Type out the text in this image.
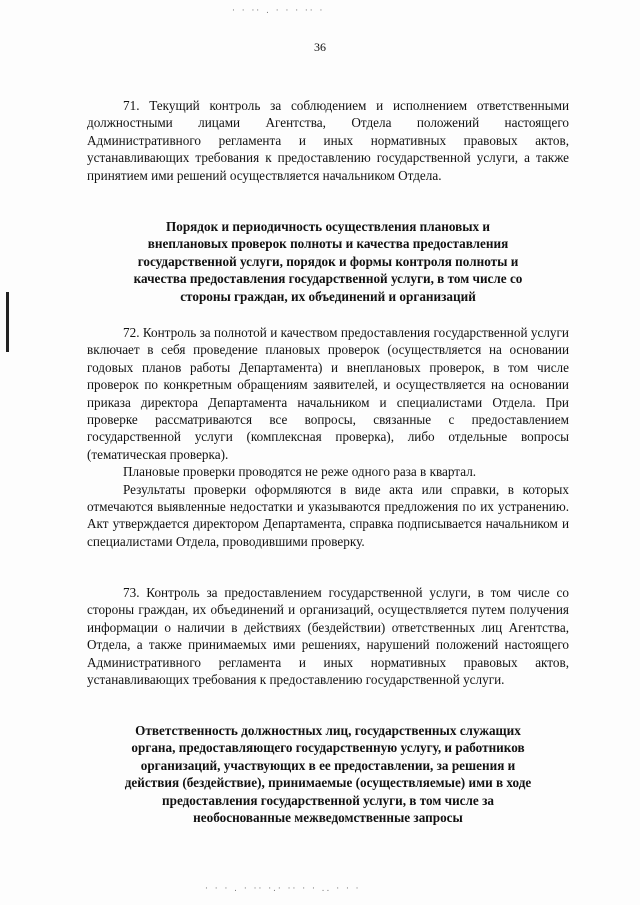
· · ·· . · · · ·· ·
36

71. Текущий контроль за соблюдением и исполнением ответственными должностными лицами Агентства, Отдела положений настоящего Административного регламента и иных нормативных правовых актов, устанавливающих требования к предоставлению государственной услуги, а также принятием ими решений осуществляется начальником Отдела.

Порядок и периодичность осуществления плановых и
внеплановых проверок полноты и качества предоставления
государственной услуги, порядок и формы контроля полноты и
качества предоставления государственной услуги, в том числе со
стороны граждан, их объединений и организаций

72. Контроль за полнотой и качеством предоставления государственной услуги включает в себя проведение плановых проверок (осуществляется на основании годовых планов работы Департамента) и внеплановых проверок, в том числе проверок по конкретным обращениям заявителей, и осуществляется на основании приказа директора Департамента начальником и специалистами Отдела. При проверке рассматриваются все вопросы, связанные с предоставлением государственной услуги (комплексная проверка), либо отдельные вопросы (тематическая проверка).

Плановые проверки проводятся не реже одного раза в квартал.

Результаты проверки оформляются в виде акта или справки, в которых отмечаются выявленные недостатки и указываются предложения по их устранению. Акт утверждается директором Департамента, справка подписывается начальником и специалистами Отдела, проводившими проверку.

73. Контроль за предоставлением государственной услуги, в том числе со стороны граждан, их объединений и организаций, осуществляется путем получения информации о наличии в действиях (бездействии) ответственных лиц Агентства, Отдела, а также принимаемых ими решениях, нарушений положений настоящего Административного регламента и иных нормативных правовых актов, устанавливающих требования к предоставлению государственной услуги.

Ответственность должностных лиц, государственных служащих
органа, предоставляющего государственную услугу, и работников
организаций, участвующих в ее предоставлении, за решения и
действия (бездействие), принимаемые (осуществляемые) ими в ходе
предоставления государственной услуги, в том числе за
необоснованные межведомственные запросы
· · · . · ·· ·.· ·· · · .. · · ·
